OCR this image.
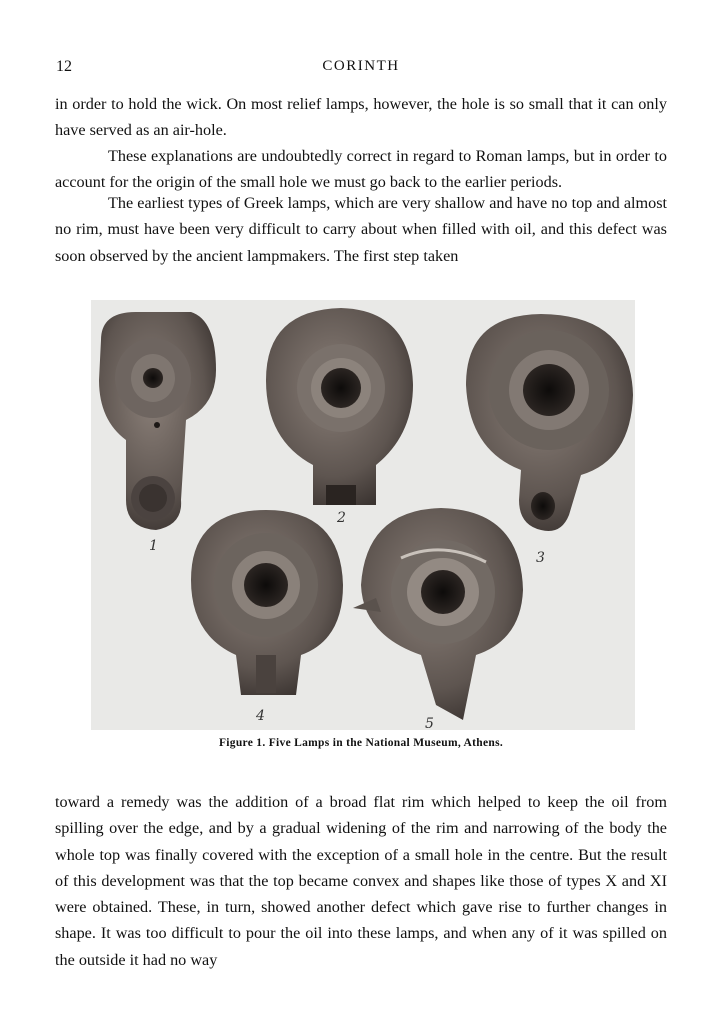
12	CORINTH

in order to hold the wick. On most relief lamps, however, the hole is so small that it can only have served as an air-hole.

These explanations are undoubtedly correct in regard to Roman lamps, but in order to account for the origin of the small hole we must go back to the earlier periods.

The earliest types of Greek lamps, which are very shallow and have no top and almost no rim, must have been very difficult to carry about when filled with oil, and this defect was soon observed by the ancient lampmakers. The first step taken

1
2
3
4	5
Figure 1. Five Lamps in the National Museum, Athens.

toward a remedy was the addition of a broad flat rim which helped to keep the oil from spilling over the edge, and by a gradual widening of the rim and narrowing of the body the whole top was finally covered with the exception of a small hole in the centre. But the result of this development was that the top became convex and shapes like those of types X and XI were obtained. These, in turn, showed another defect which gave rise to further changes in shape. It was too difficult to pour the oil into these lamps, and when any of it was spilled on the outside it had no way
